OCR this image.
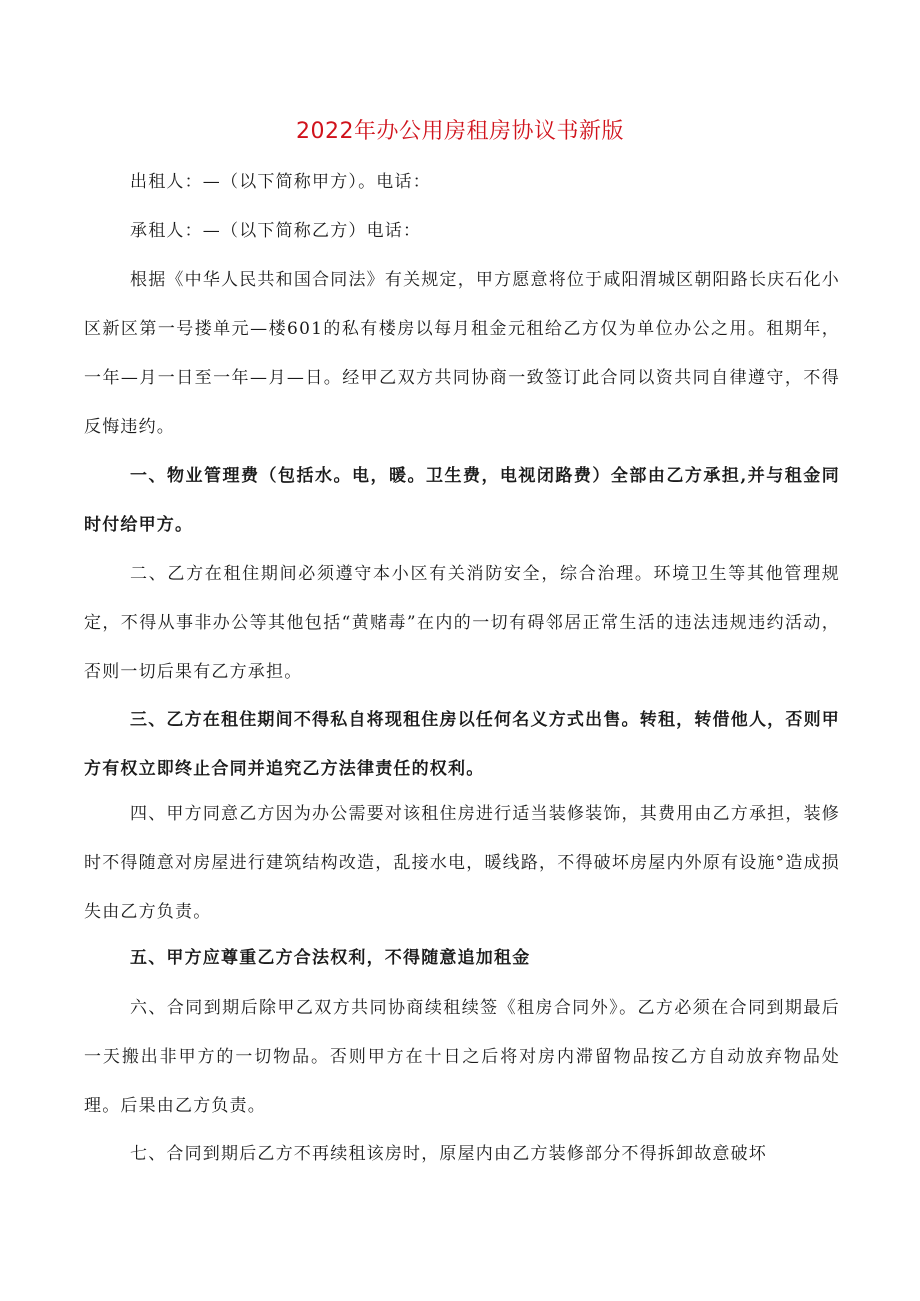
2022年办公用房租房协议书新版

出租人：—（以下简称甲方）。电话：

承租人：—（以下简称乙方）电话：

根据《中华人民共和国合同法》有关规定，甲方愿意将位于咸阳渭城区朝阳路长庆石化小区新区第一号搂单元—楼601的私有楼房以每月租金元租给乙方仅为单位办公之用。租期年，一年—月一日至一年—月—日。经甲乙双方共同协商一致签订此合同以资共同自律遵守，不得反悔违约。

一、物业管理费（包括水。电，暖。卫生费，电视闭路费）全部由乙方承担,并与租金同时付给甲方。

二、乙方在租住期间必须遵守本小区有关消防安全，综合治理。环境卫生等其他管理规定，不得从事非办公等其他包括“黄赌毒”在内的一切有碍邻居正常生活的违法违规违约活动，否则一切后果有乙方承担。

三、乙方在租住期间不得私自将现租住房以任何名义方式出售。转租，转借他人，否则甲方有权立即终止合同并追究乙方法律责任的权利。

四、甲方同意乙方因为办公需要对该租住房进行适当装修装饰，其费用由乙方承担，装修时不得随意对房屋进行建筑结构改造，乱接水电，暖线路，不得破坏房屋内外原有设施°造成损失由乙方负责。

五、甲方应尊重乙方合法权利，不得随意追加租金

六、合同到期后除甲乙双方共同协商续租续签《租房合同外》。乙方必须在合同到期最后一天搬出非甲方的一切物品。否则甲方在十日之后将对房内滞留物品按乙方自动放弃物品处理。后果由乙方负责。

七、合同到期后乙方不再续租该房时，原屋内由乙方装修部分不得拆卸故意破坏
